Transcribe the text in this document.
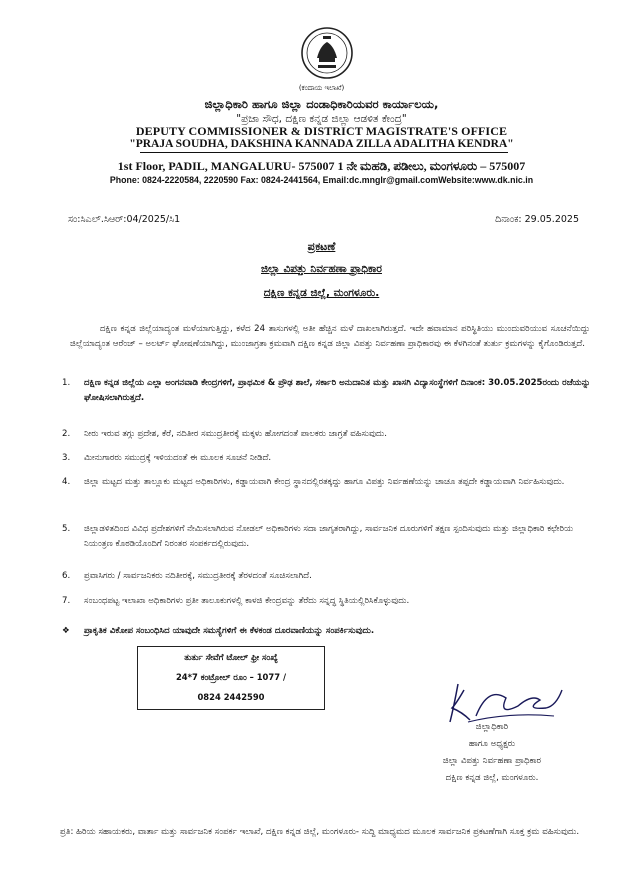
(ಕಂದಾಯ ಇಲಾಖೆ)
ಜಿಲ್ಲಾಧಿಕಾರಿ ಹಾಗೂ ಜಿಲ್ಲಾ ದಂಡಾಧಿಕಾರಿಯವರ ಕಾರ್ಯಾಲಯ,
"ಪ್ರಜಾ ಸೌಧ, ದಕ್ಷಿಣ ಕನ್ನಡ ಜಿಲ್ಲಾ ಆಡಳಿತ ಕೇಂದ್ರ"
DEPUTY COMMISSIONER & DISTRICT MAGISTRATE'S OFFICE
"PRAJA SOUDHA, DAKSHINA KANNADA ZILLA ADALITHA KENDRA"
1st Floor, PADIL, MANGALURU- 575007 1 ನೇ ಮಹಡಿ, ಪಡೀಲು, ಮಂಗಳೂರು – 575007
Phone: 0824-2220584, 2220590 Fax: 0824-2441564, Email:dc.mnglr@gmail.comWebsite:www.dk.nic.in
ಸಂ:ಸಿಎಲ್.ಸಿಆರ್:04/2025/ಸಿ1	ದಿನಾಂಕ: 29.05.2025
ಪ್ರಕಟಣೆ
ಜಿಲ್ಲಾ ವಿಪತ್ತು ನಿರ್ವಹಣಾ ಪ್ರಾಧಿಕಾರ
ದಕ್ಷಿಣ ಕನ್ನಡ ಜಿಲ್ಲೆ, ಮಂಗಳೂರು.
ದಕ್ಷಿಣ ಕನ್ನಡ ಜಿಲ್ಲೆಯಾದ್ಯಂತ ಮಳೆಯಾಗುತ್ತಿದ್ದು, ಕಳೆದ 24 ತಾಸುಗಳಲ್ಲಿ ಅತೀ ಹೆಚ್ಚಿನ ಮಳೆ ದಾಖಲಾಗಿರುತ್ತದೆ. ಇದೇ ಹವಾಮಾನ ಪರಿಸ್ಥಿತಿಯು ಮುಂದುವರಿಯುವ ಸೂಚನೆಯಿದ್ದು ಜಿಲ್ಲೆಯಾದ್ಯಂತ ಆರೆಂಜ್ – ಅಲರ್ಟ್ ಘೋಷಣೆಯಾಗಿದ್ದು, ಮುಂಜಾಗ್ರತಾ ಕ್ರಮವಾಗಿ ದಕ್ಷಿಣ ಕನ್ನಡ ಜಿಲ್ಲಾ ವಿಪತ್ತು ನಿರ್ವಹಣಾ ಪ್ರಾಧಿಕಾರವು ಈ ಕೆಳಗಿನಂತೆ ತುರ್ತು ಕ್ರಮಗಳನ್ನು ಕೈಗೊಂಡಿರುತ್ತದೆ.
1.	ದಕ್ಷಿಣ ಕನ್ನಡ ಜಿಲ್ಲೆಯ ಎಲ್ಲಾ ಅಂಗನವಾಡಿ ಕೇಂದ್ರಗಳಿಗೆ, ಪ್ರಾಥಮಿಕ & ಪ್ರೌಢ ಶಾಲೆ, ಸರ್ಕಾರಿ ಅನುದಾನಿತ ಮತ್ತು ಖಾಸಗಿ ವಿದ್ಯಾಸಂಸ್ಥೆಗಳಿಗೆ ದಿನಾಂಕ: 30.05.2025ರಂದು ರಜೆಯನ್ನು ಘೋಷಿಸಲಾಗಿರುತ್ತದೆ.
2.	ನೀರು ಇರುವ ತಗ್ಗು ಪ್ರದೇಶ, ಕೆರೆ, ನದಿತೀರ ಸಮುದ್ರತೀರಕ್ಕೆ ಮಕ್ಕಳು ಹೋಗದಂತೆ ಪಾಲಕರು ಜಾಗ್ರತೆ ವಹಿಸುವುದು.
3.	ಮೀನುಗಾರರು ಸಮುದ್ರಕ್ಕೆ ಇಳಿಯದಂತೆ ಈ ಮೂಲಕ ಸೂಚನೆ ನೀಡಿದೆ.
4.	ಜಿಲ್ಲಾ ಮಟ್ಟದ ಮತ್ತು ತಾಲ್ಲೂಕು ಮಟ್ಟದ ಅಧಿಕಾರಿಗಳು, ಕಡ್ಡಾಯವಾಗಿ ಕೇಂದ್ರ ಸ್ಥಾನದಲ್ಲಿರತಕ್ಕದ್ದು ಹಾಗೂ ವಿಪತ್ತು ನಿರ್ವಹಣೆಯನ್ನು ಚಾಚೂ ತಪ್ಪದೇ ಕಡ್ಡಾಯವಾಗಿ ನಿರ್ವಹಿಸುವುದು.
5.	ಜಿಲ್ಲಾಡಳಿತದಿಂದ ವಿವಿಧ ಪ್ರದೇಶಗಳಿಗೆ ನೇಮಿಸಲಾಗಿರುವ ನೋಡಲ್ ಅಧಿಕಾರಿಗಳು ಸದಾ ಜಾಗೃತರಾಗಿದ್ದು, ಸಾರ್ವಜನಿಕ ದೂರುಗಳಿಗೆ ತಕ್ಷಣ ಸ್ಪಂದಿಸುವುದು ಮತ್ತು ಜಿಲ್ಲಾಧಿಕಾರಿ ಕಛೇರಿಯ ನಿಯಂತ್ರಣ ಕೊಠಡಿಯೊಂದಿಗೆ ನಿರಂತರ ಸಂಪರ್ಕದಲ್ಲಿರುವುದು.
6.	ಪ್ರವಾಸಿಗರು / ಸಾರ್ವಜನಿಕರು ನದಿತೀರಕ್ಕೆ, ಸಮುದ್ರತೀರಕ್ಕೆ ತೆರಳದಂತೆ ಸೂಚಿಸಲಾಗಿದೆ.
7.	ಸಂಬಂಧಪಟ್ಟ ಇಲಾಖಾ ಅಧಿಕಾರಿಗಳು ಪ್ರತೀ ತಾಲೂಕುಗಳಲ್ಲಿ ಕಾಳಜಿ ಕೇಂದ್ರವನ್ನು ತೆರೆದು ಸನ್ನದ್ಧ ಸ್ಥಿತಿಯಲ್ಲಿರಿಸಿಕೊಳ್ಳುವುದು.
❖ ಪ್ರಾಕೃತಿಕ ವಿಕೋಪ ಸಂಬಂಧಿಸಿದ ಯಾವುದೇ ಸಮಸ್ಯೆಗಳಿಗೆ ಈ ಕೆಳಕಂಡ ದೂರವಾಣಿಯನ್ನು ಸಂಪರ್ಕಿಸುವುದು.
ತುರ್ತು ಸೇವೆಗೆ ಟೋಲ್ ಫ್ರೀ ಸಂಖ್ಯೆ
24*7 ಕಂಟ್ರೋಲ್ ರೂಂ – 1077 /
0824 2442590
ಜಿಲ್ಲಾಧಿಕಾರಿ
ಹಾಗೂ ಅಧ್ಯಕ್ಷರು
ಜಿಲ್ಲಾ ವಿಪತ್ತು ನಿರ್ವಹಣಾ ಪ್ರಾಧಿಕಾರ
ದಕ್ಷಿಣ ಕನ್ನಡ ಜಿಲ್ಲೆ, ಮಂಗಳೂರು.
ಪ್ರತಿ: ಹಿರಿಯ ಸಹಾಯಕರು, ವಾರ್ತಾ ಮತ್ತು ಸಾರ್ವಜನಿಕ ಸಂಪರ್ಕ ಇಲಾಖೆ, ದಕ್ಷಿಣ ಕನ್ನಡ ಜಿಲ್ಲೆ, ಮಂಗಳೂರು- ಸುದ್ದಿ ಮಾಧ್ಯಮದ ಮೂಲಕ ಸಾರ್ವಜನಿಕ ಪ್ರಕಟಣೆಗಾಗಿ ಸೂಕ್ತ ಕ್ರಮ ವಹಿಸುವುದು.
